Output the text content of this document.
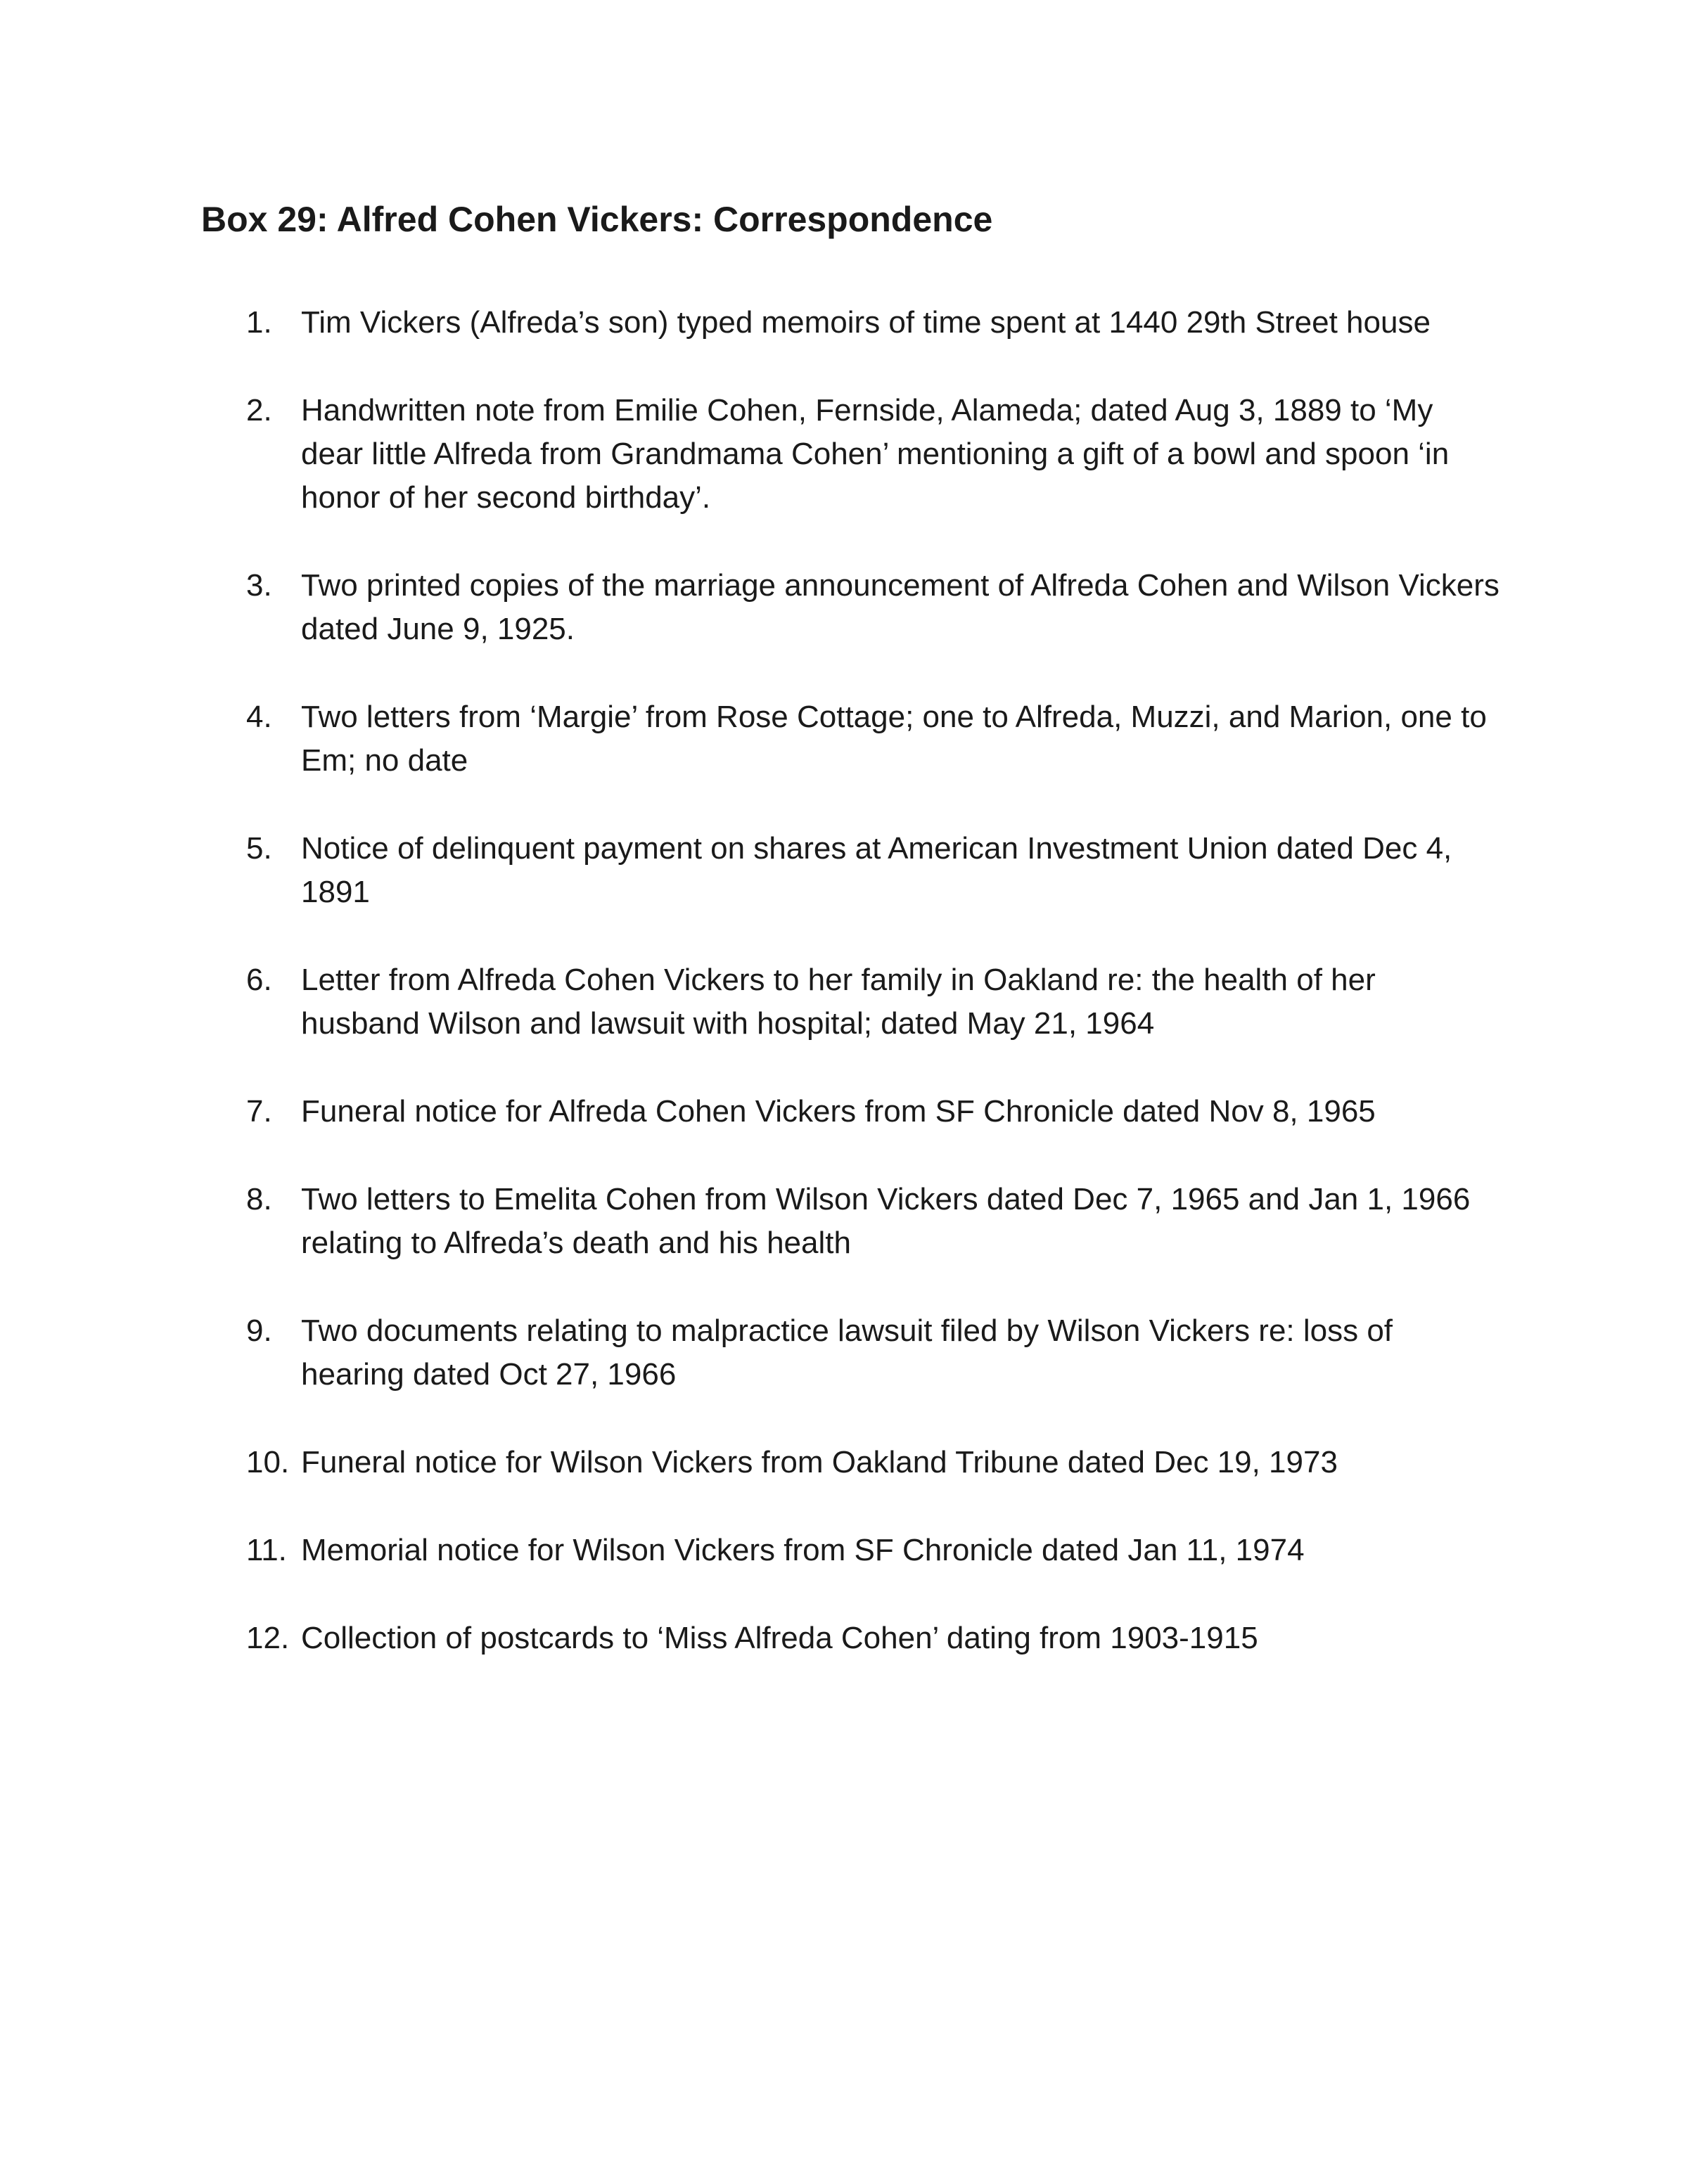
Box 29: Alfred Cohen Vickers: Correspondence
1. Tim Vickers (Alfreda’s son) typed memoirs of time spent at 1440 29th Street house
2. Handwritten note from Emilie Cohen, Fernside, Alameda; dated Aug 3, 1889 to ‘My dear little Alfreda from Grandmama Cohen’ mentioning a gift of a bowl and spoon ‘in honor of her second birthday’.
3. Two printed copies of the marriage announcement of Alfreda Cohen and Wilson Vickers dated June 9, 1925.
4. Two letters from ‘Margie’ from Rose Cottage; one to Alfreda, Muzzi, and Marion, one to Em; no date
5. Notice of delinquent payment on shares at American Investment Union dated Dec 4, 1891
6. Letter from Alfreda Cohen Vickers to her family in Oakland re: the health of her husband Wilson and lawsuit with hospital; dated May 21, 1964
7. Funeral notice for Alfreda Cohen Vickers from SF Chronicle dated Nov 8, 1965
8. Two letters to Emelita Cohen from Wilson Vickers dated Dec 7, 1965 and Jan 1, 1966 relating to Alfreda’s death and his health
9. Two documents relating to malpractice lawsuit filed by Wilson Vickers re: loss of hearing dated Oct 27, 1966
10. Funeral notice for Wilson Vickers from Oakland Tribune dated Dec 19, 1973
11. Memorial notice for Wilson Vickers from SF Chronicle dated Jan 11, 1974
12. Collection of postcards to ‘Miss Alfreda Cohen’ dating from 1903-1915
